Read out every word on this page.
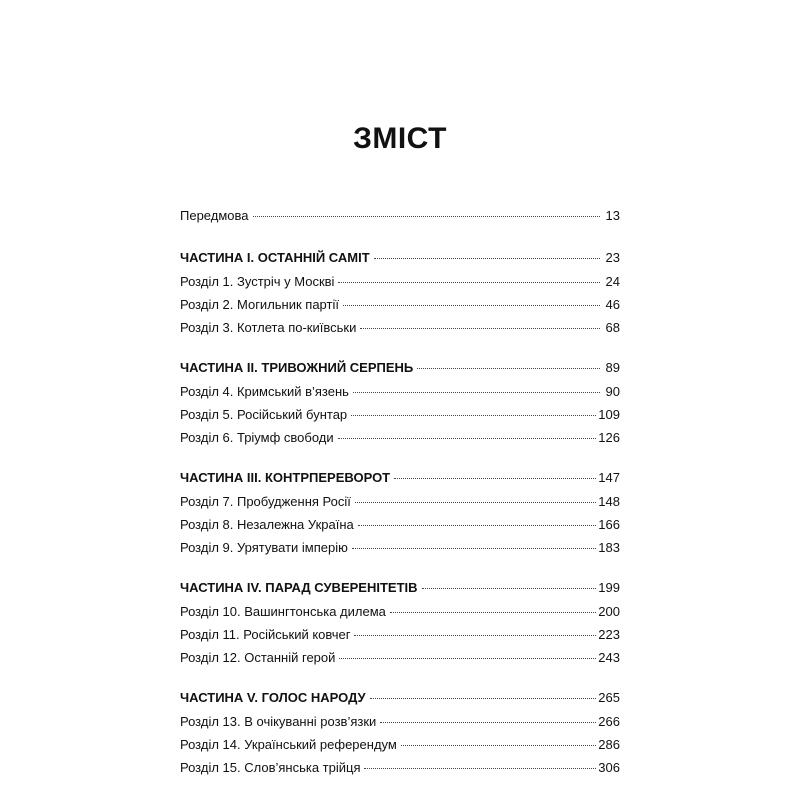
ЗМІСТ
Передмова	13
ЧАСТИНА I. ОСТАННІЙ САМІТ	23
Розділ 1. Зустріч у Москві	24
Розділ 2. Могильник партії	46
Розділ 3. Котлета по-київськи	68
ЧАСТИНА II. ТРИВОЖНИЙ СЕРПЕНЬ	89
Розділ 4. Кримський в’язень	90
Розділ 5. Російський бунтар	109
Розділ 6. Тріумф свободи	126
ЧАСТИНА III. КОНТРПЕРЕВОРОТ	147
Розділ 7. Пробудження Росії	148
Розділ 8. Незалежна Україна	166
Розділ 9. Урятувати імперію	183
ЧАСТИНА IV. ПАРАД СУВЕРЕНІТЕТІВ	199
Розділ 10. Вашингтонська дилема	200
Розділ 11. Російський ковчег	223
Розділ 12. Останній герой	243
ЧАСТИНА V. ГОЛОС НАРОДУ	265
Розділ 13. В очікуванні розв’язки	266
Розділ 14. Український референдум	286
Розділ 15. Слов’янська трійця	306
